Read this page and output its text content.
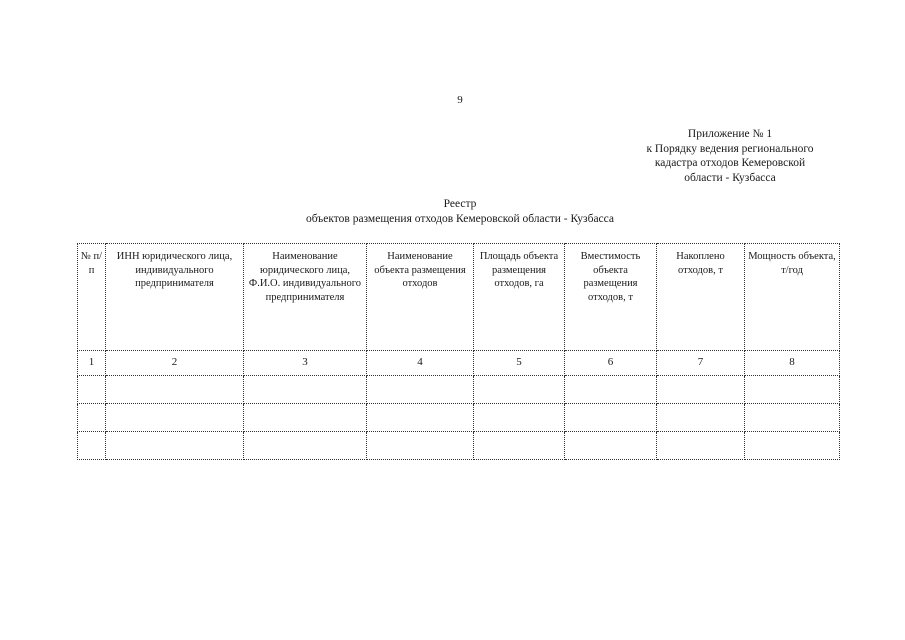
9
Приложение № 1
к Порядку ведения регионального
кадастра отходов Кемеровской
области - Кузбасса
Реестр
объектов размещения отходов Кемеровской области - Кузбасса
№ п/п	ИНН юридического лица, индивидуального предпринимателя	Наименование юридического лица, Ф.И.О. индивидуального предпринимателя	Наименование объекта размещения отходов	Площадь объекта размещения отходов, га	Вместимость объекта размещения отходов, т	Накоплено отходов, т	Мощность объекта, т/год
1	2	3	4	5	6	7	8
